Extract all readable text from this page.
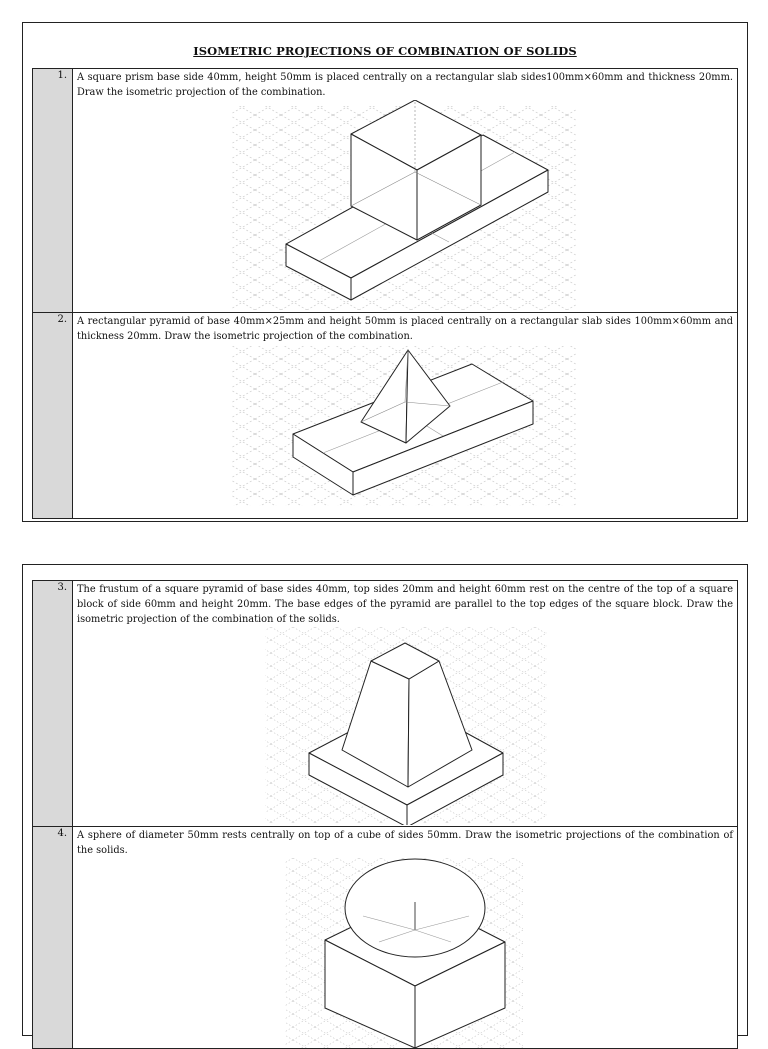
ISOMETRIC PROJECTIONS OF COMBINATION OF SOLIDS
1.	A square prism base side 40mm, height 50mm is placed centrally on a rectangular slab sides100mm×60mm and thickness 20mm. Draw the isometric projection of the combination.

2.	A rectangular pyramid of base 40mm×25mm and height 50mm is placed centrally on a rectangular slab sides 100mm×60mm and thickness 20mm. Draw the isometric projection of the combination.
3.	The frustum of a square pyramid of base sides 40mm, top sides 20mm and height 60mm rest on the centre of the top of a square block of side 60mm and height 20mm. The base edges of the pyramid are parallel to the top edges of the square block. Draw the isometric projection of the combination of the solids.

4.	A sphere of diameter 50mm rests centrally on top of a cube of sides 50mm. Draw the isometric projections of the combination of the solids.
